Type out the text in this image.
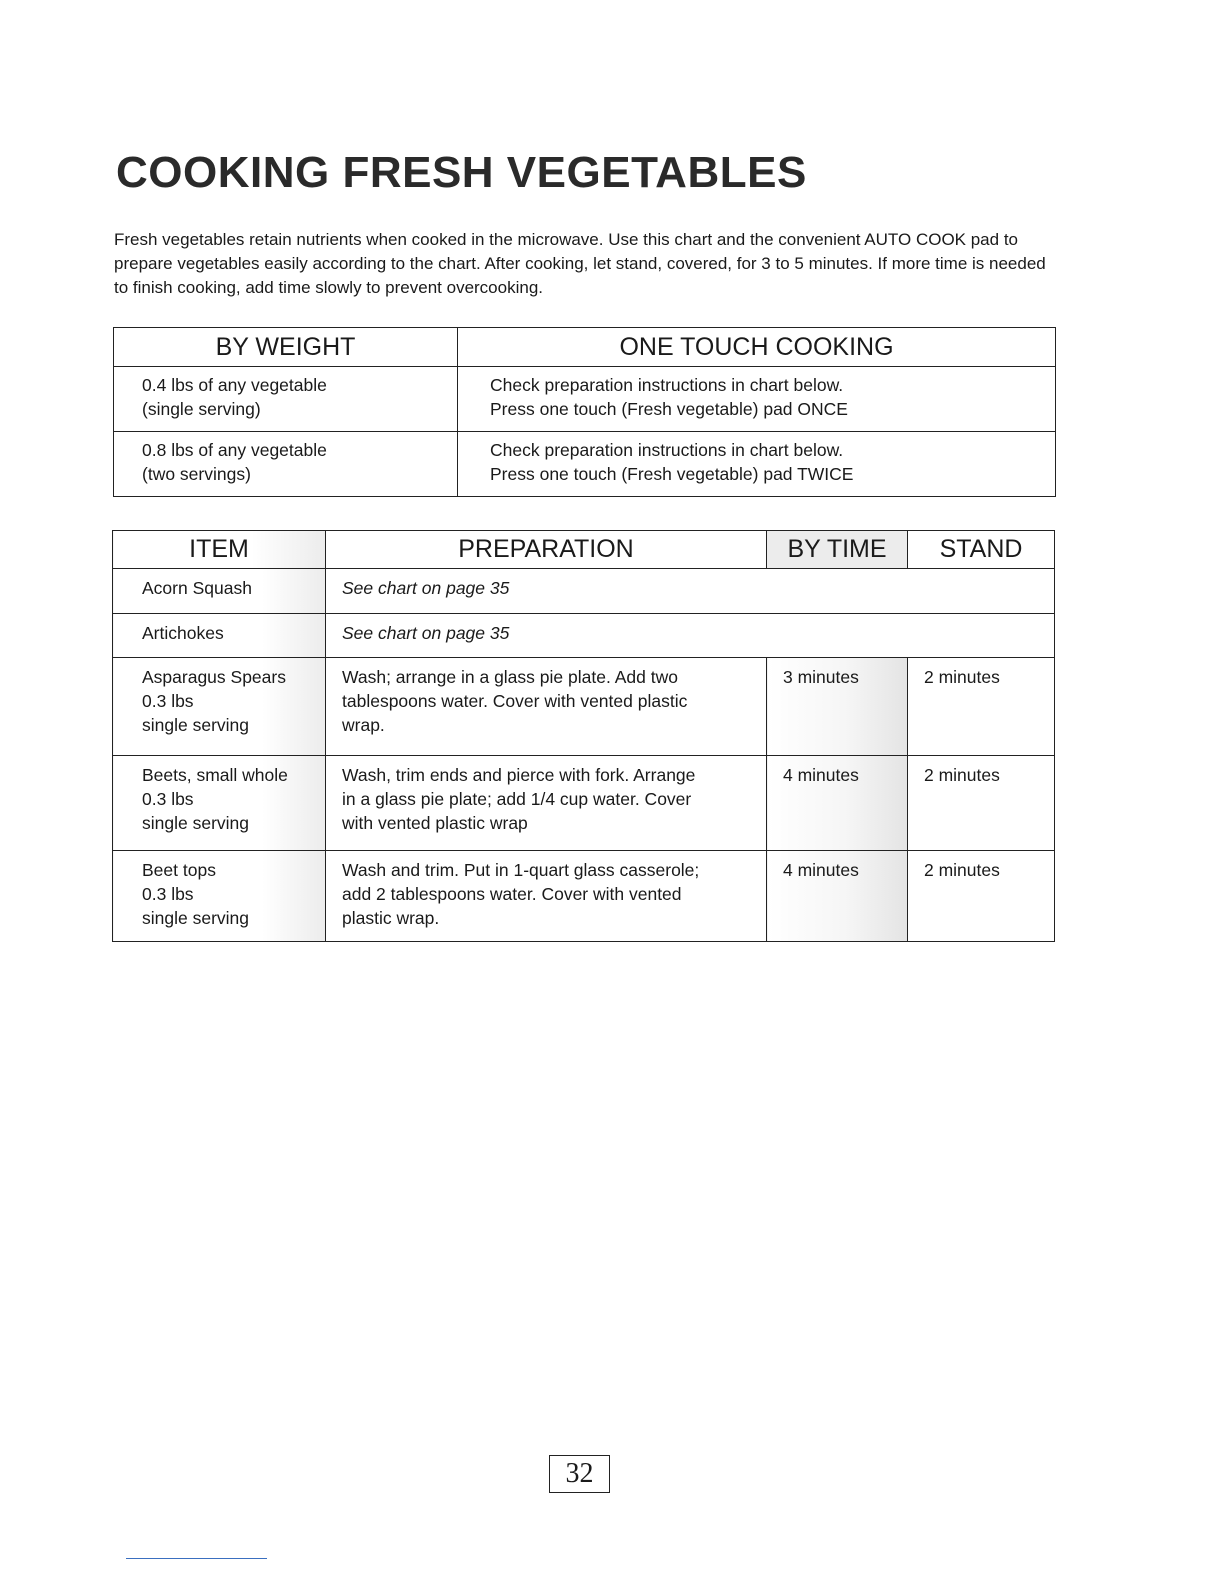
COOKING FRESH VEGETABLES

Fresh vegetables retain nutrients when cooked in the microwave. Use this chart and the convenient AUTO COOK pad to prepare vegetables easily according to the chart. After cooking, let stand, covered, for 3 to 5 minutes. If more time is needed to finish cooking, add time slowly to prevent overcooking.

BY WEIGHT	ONE TOUCH COOKING

0.4 lbs of any vegetable
(single serving)	Check preparation instructions in chart below.
Press one touch (Fresh vegetable) pad ONCE

0.8 lbs of any vegetable
(two servings)	Check preparation instructions in chart below.
Press one touch (Fresh vegetable) pad TWICE
ITEM	PREPARATION	BY TIME	STAND
Acorn Squash	See chart on page 35		
Artichokes	See chart on page 35		

Asparagus Spears
0.3 lbs
single serving	Wash; arrange in a glass pie plate. Add two
tablespoons water. Cover with vented plastic
wrap.	3 minutes	2 minutes

Beets, small whole
0.3 lbs
single serving	Wash, trim ends and pierce with fork. Arrange
in a glass pie plate; add 1/4 cup water. Cover
with vented plastic wrap	4 minutes	2 minutes

Beet tops
0.3 lbs
single serving	Wash and trim. Put in 1-quart glass casserole;
add 2 tablespoons water. Cover with vented
plastic wrap.	4 minutes	2 minutes
32
